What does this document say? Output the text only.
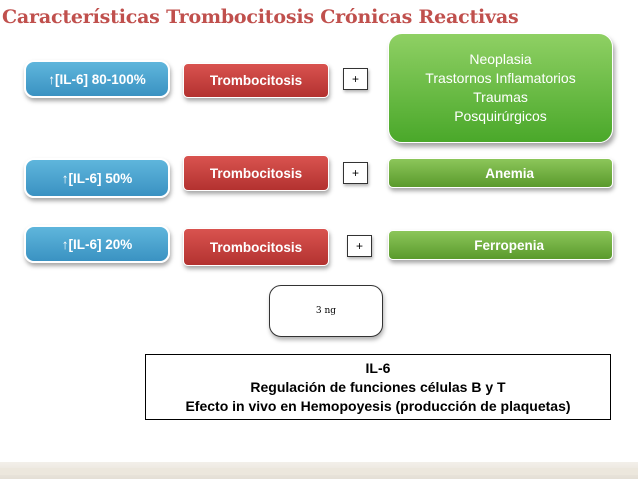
Características Trombocitosis Crónicas Reactivas
↑[IL-6] 80-100%	Trombocitosis	+
Neoplasia
Trastornos Inflamatorios
Traumas
Posquirúrgicos
↑[IL-6] 50%	Trombocitosis	+	Anemia
↑[IL-6] 20%	Trombocitosis	+	Ferropenia
3 ng
IL-6
Regulación de funciones células B y T
Efecto in vivo en Hemopoyesis (producción de plaquetas)
